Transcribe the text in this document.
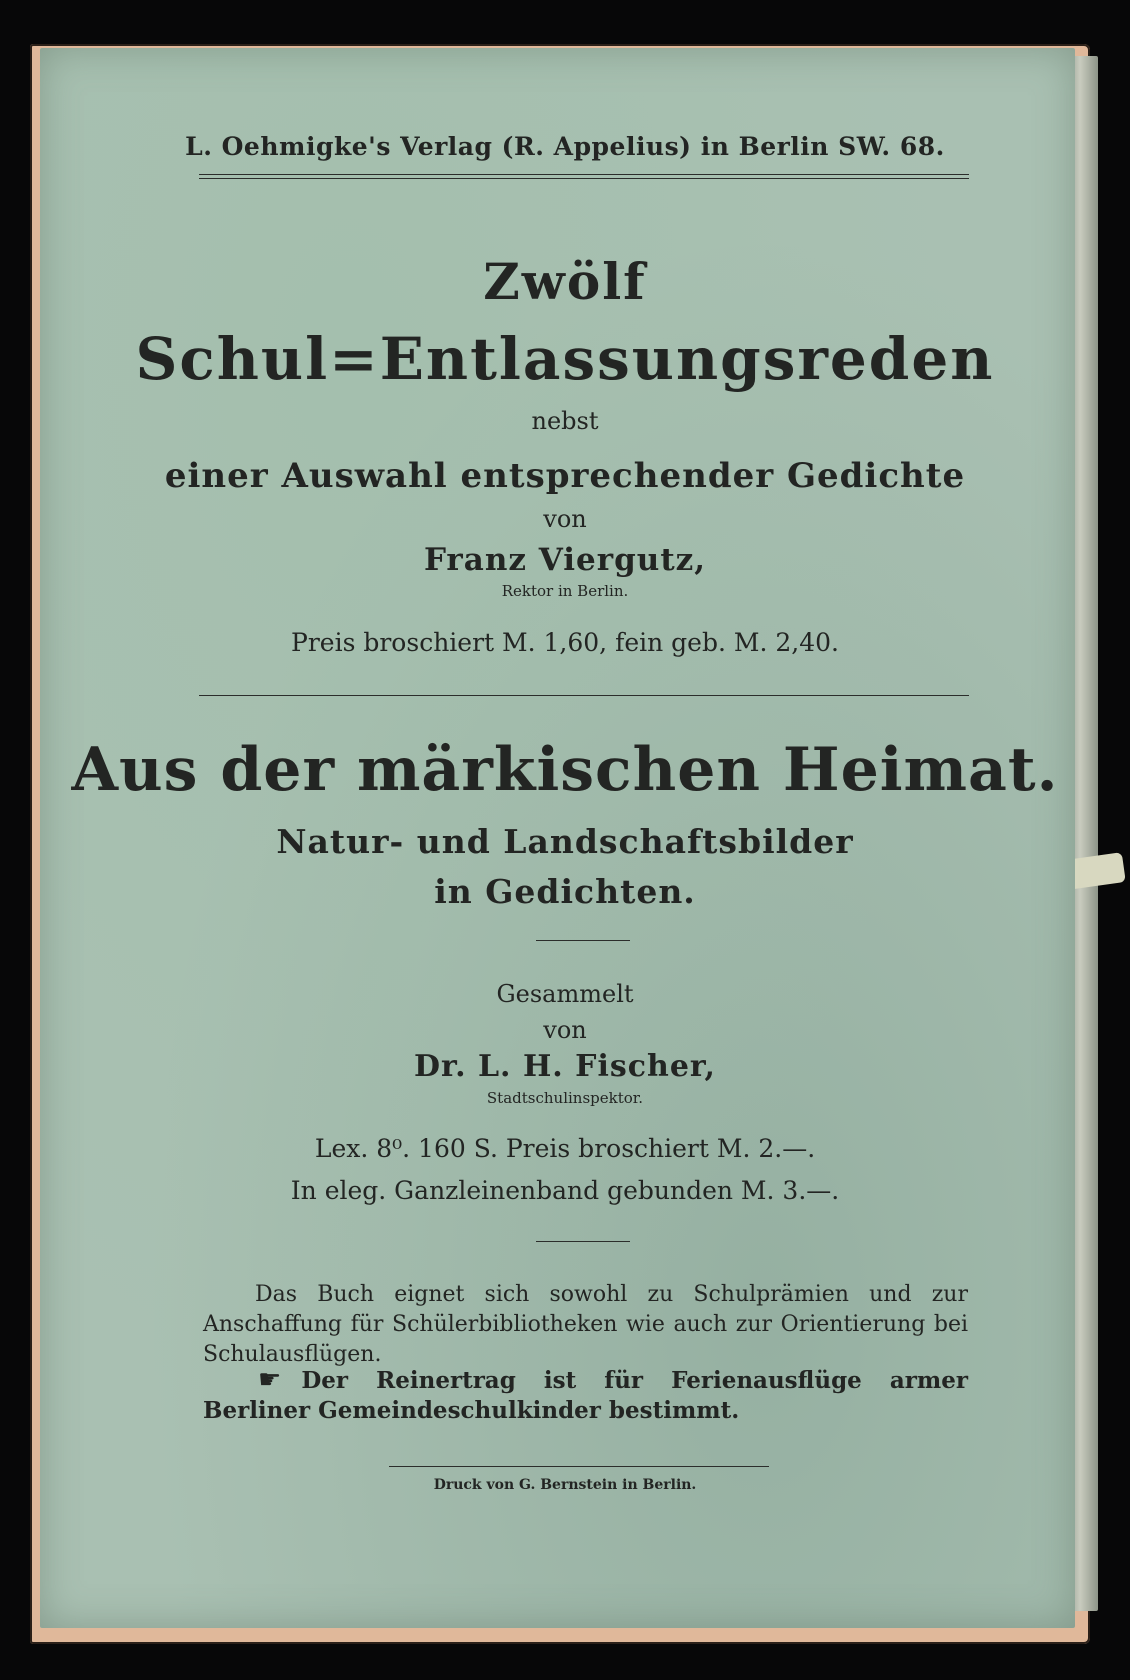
L. Oehmigke's Verlag (R. Appelius) in Berlin SW. 68.
Zwölf
Schul=Entlassungsreden
nebst
einer Auswahl entsprechender Gedichte
von
Franz Viergutz,
Rektor in Berlin.
Preis broschiert M. 1,60, fein geb. M. 2,40.
Aus der märkischen Heimat.
Natur- und Landschaftsbilder
in Gedichten.
Gesammelt
von
Dr. L. H. Fischer,
Stadtschulinspektor.
Lex. 8⁰. 160 S. Preis broschiert M. 2.—.
In eleg. Ganzleinenband gebunden M. 3.—.
Das Buch eignet sich sowohl zu Schulprämien und zur Anschaffung für Schülerbibliotheken wie auch zur Orientierung bei Schulausflügen.
☛ Der Reinertrag ist für Ferienausflüge armer Berliner Gemeindeschulkinder bestimmt.
Druck von G. Bernstein in Berlin.
